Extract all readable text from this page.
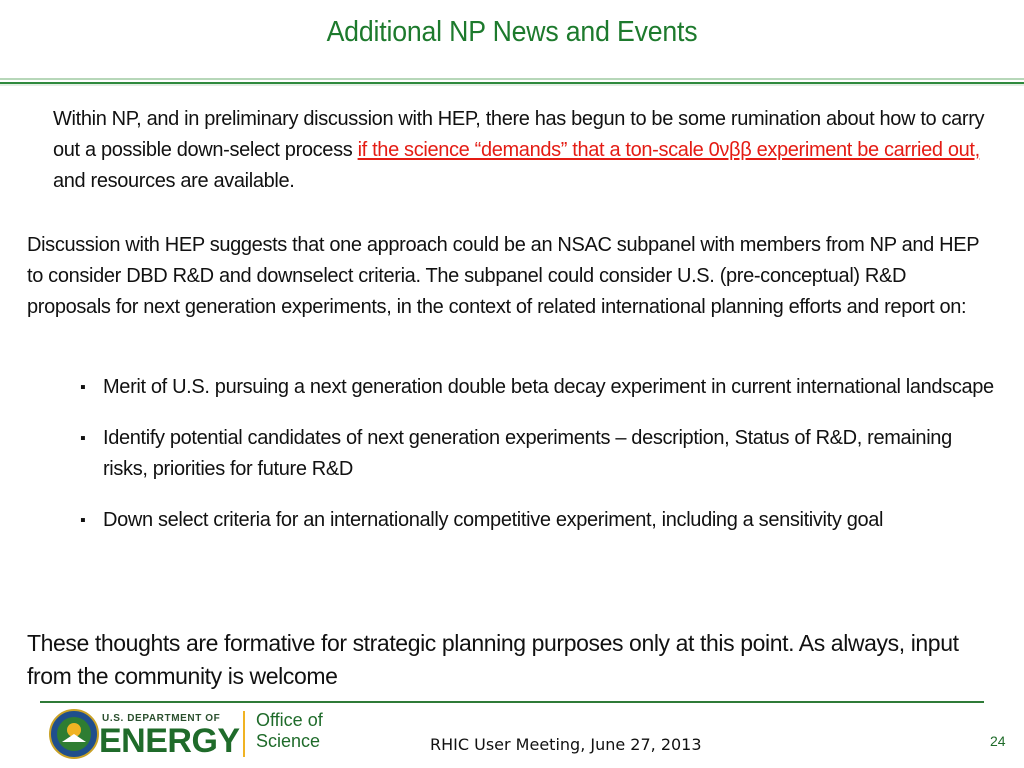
Additional NP News and Events
Within NP, and in preliminary discussion with HEP, there has begun to be some rumination about how to carry out a possible down-select process if the science “demands” that a ton-scale 0νββ experiment be carried out, and resources are available.
Discussion with HEP suggests that one approach could be an NSAC subpanel with members from NP and HEP to consider DBD R&D and downselect criteria. The subpanel could consider U.S. (pre-conceptual) R&D proposals for next generation experiments, in the context of related international planning efforts and report on:
▪ Merit of U.S. pursuing a next generation double beta decay experiment in current international landscape
▪ Identify potential candidates of next generation experiments – description, Status of R&D, remaining risks, priorities for future R&D
▪ Down select criteria for an internationally competitive experiment, including a sensitivity goal
These thoughts are formative for strategic planning purposes only at this point. As always, input from the community is welcome
U.S. DEPARTMENT OF
ENERGY
Office of
Science	RHIC User Meeting, June 27, 2013	24
